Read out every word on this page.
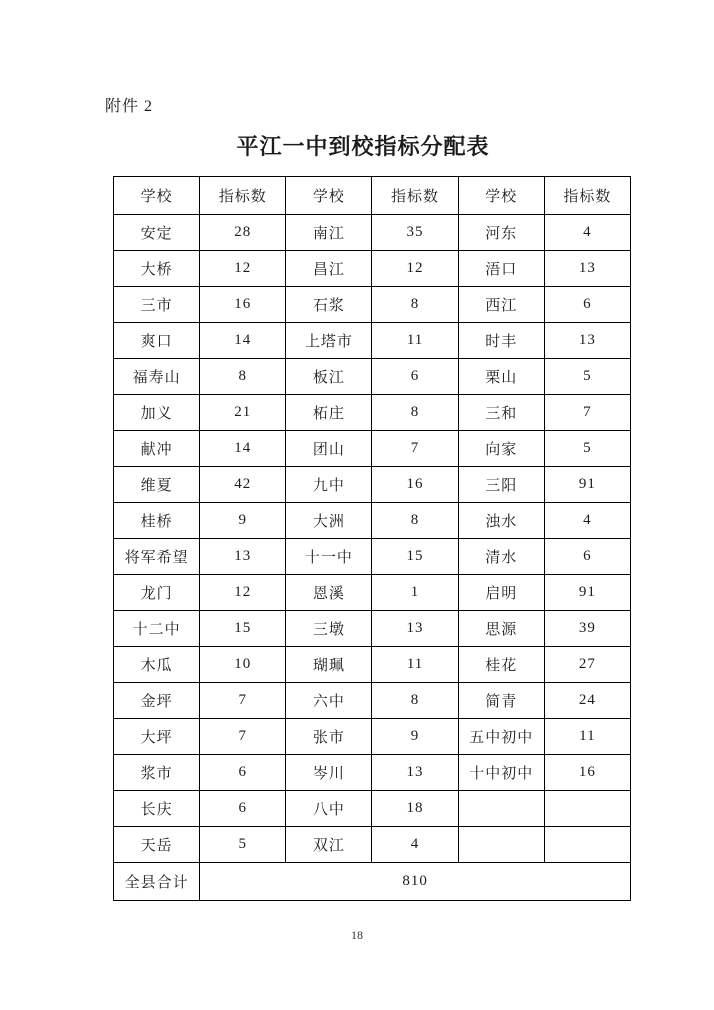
附件 2
平江一中到校指标分配表
学校	指标数	学校	指标数	学校	指标数
安定	28	南江	35	河东	4
大桥	12	昌江	12	浯口	13
三市	16	石浆	8	西江	6
爽口	14	上塔市	11	时丰	13
福寿山	8	板江	6	栗山	5
加义	21	柘庄	8	三和	7
献冲	14	团山	7	向家	5
维夏	42	九中	16	三阳	91
桂桥	9	大洲	8	浊水	4
将军希望	13	十一中	15	清水	6
龙门	12	恩溪	1	启明	91
十二中	15	三墩	13	思源	39
木瓜	10	瑚珮	11	桂花	27
金坪	7	六中	8	简青	24
大坪	7	张市	9	五中初中	11
浆市	6	岑川	13	十中初中	16
长庆	6	八中	18		
天岳	5	双江	4		
全县合计	810				
18
